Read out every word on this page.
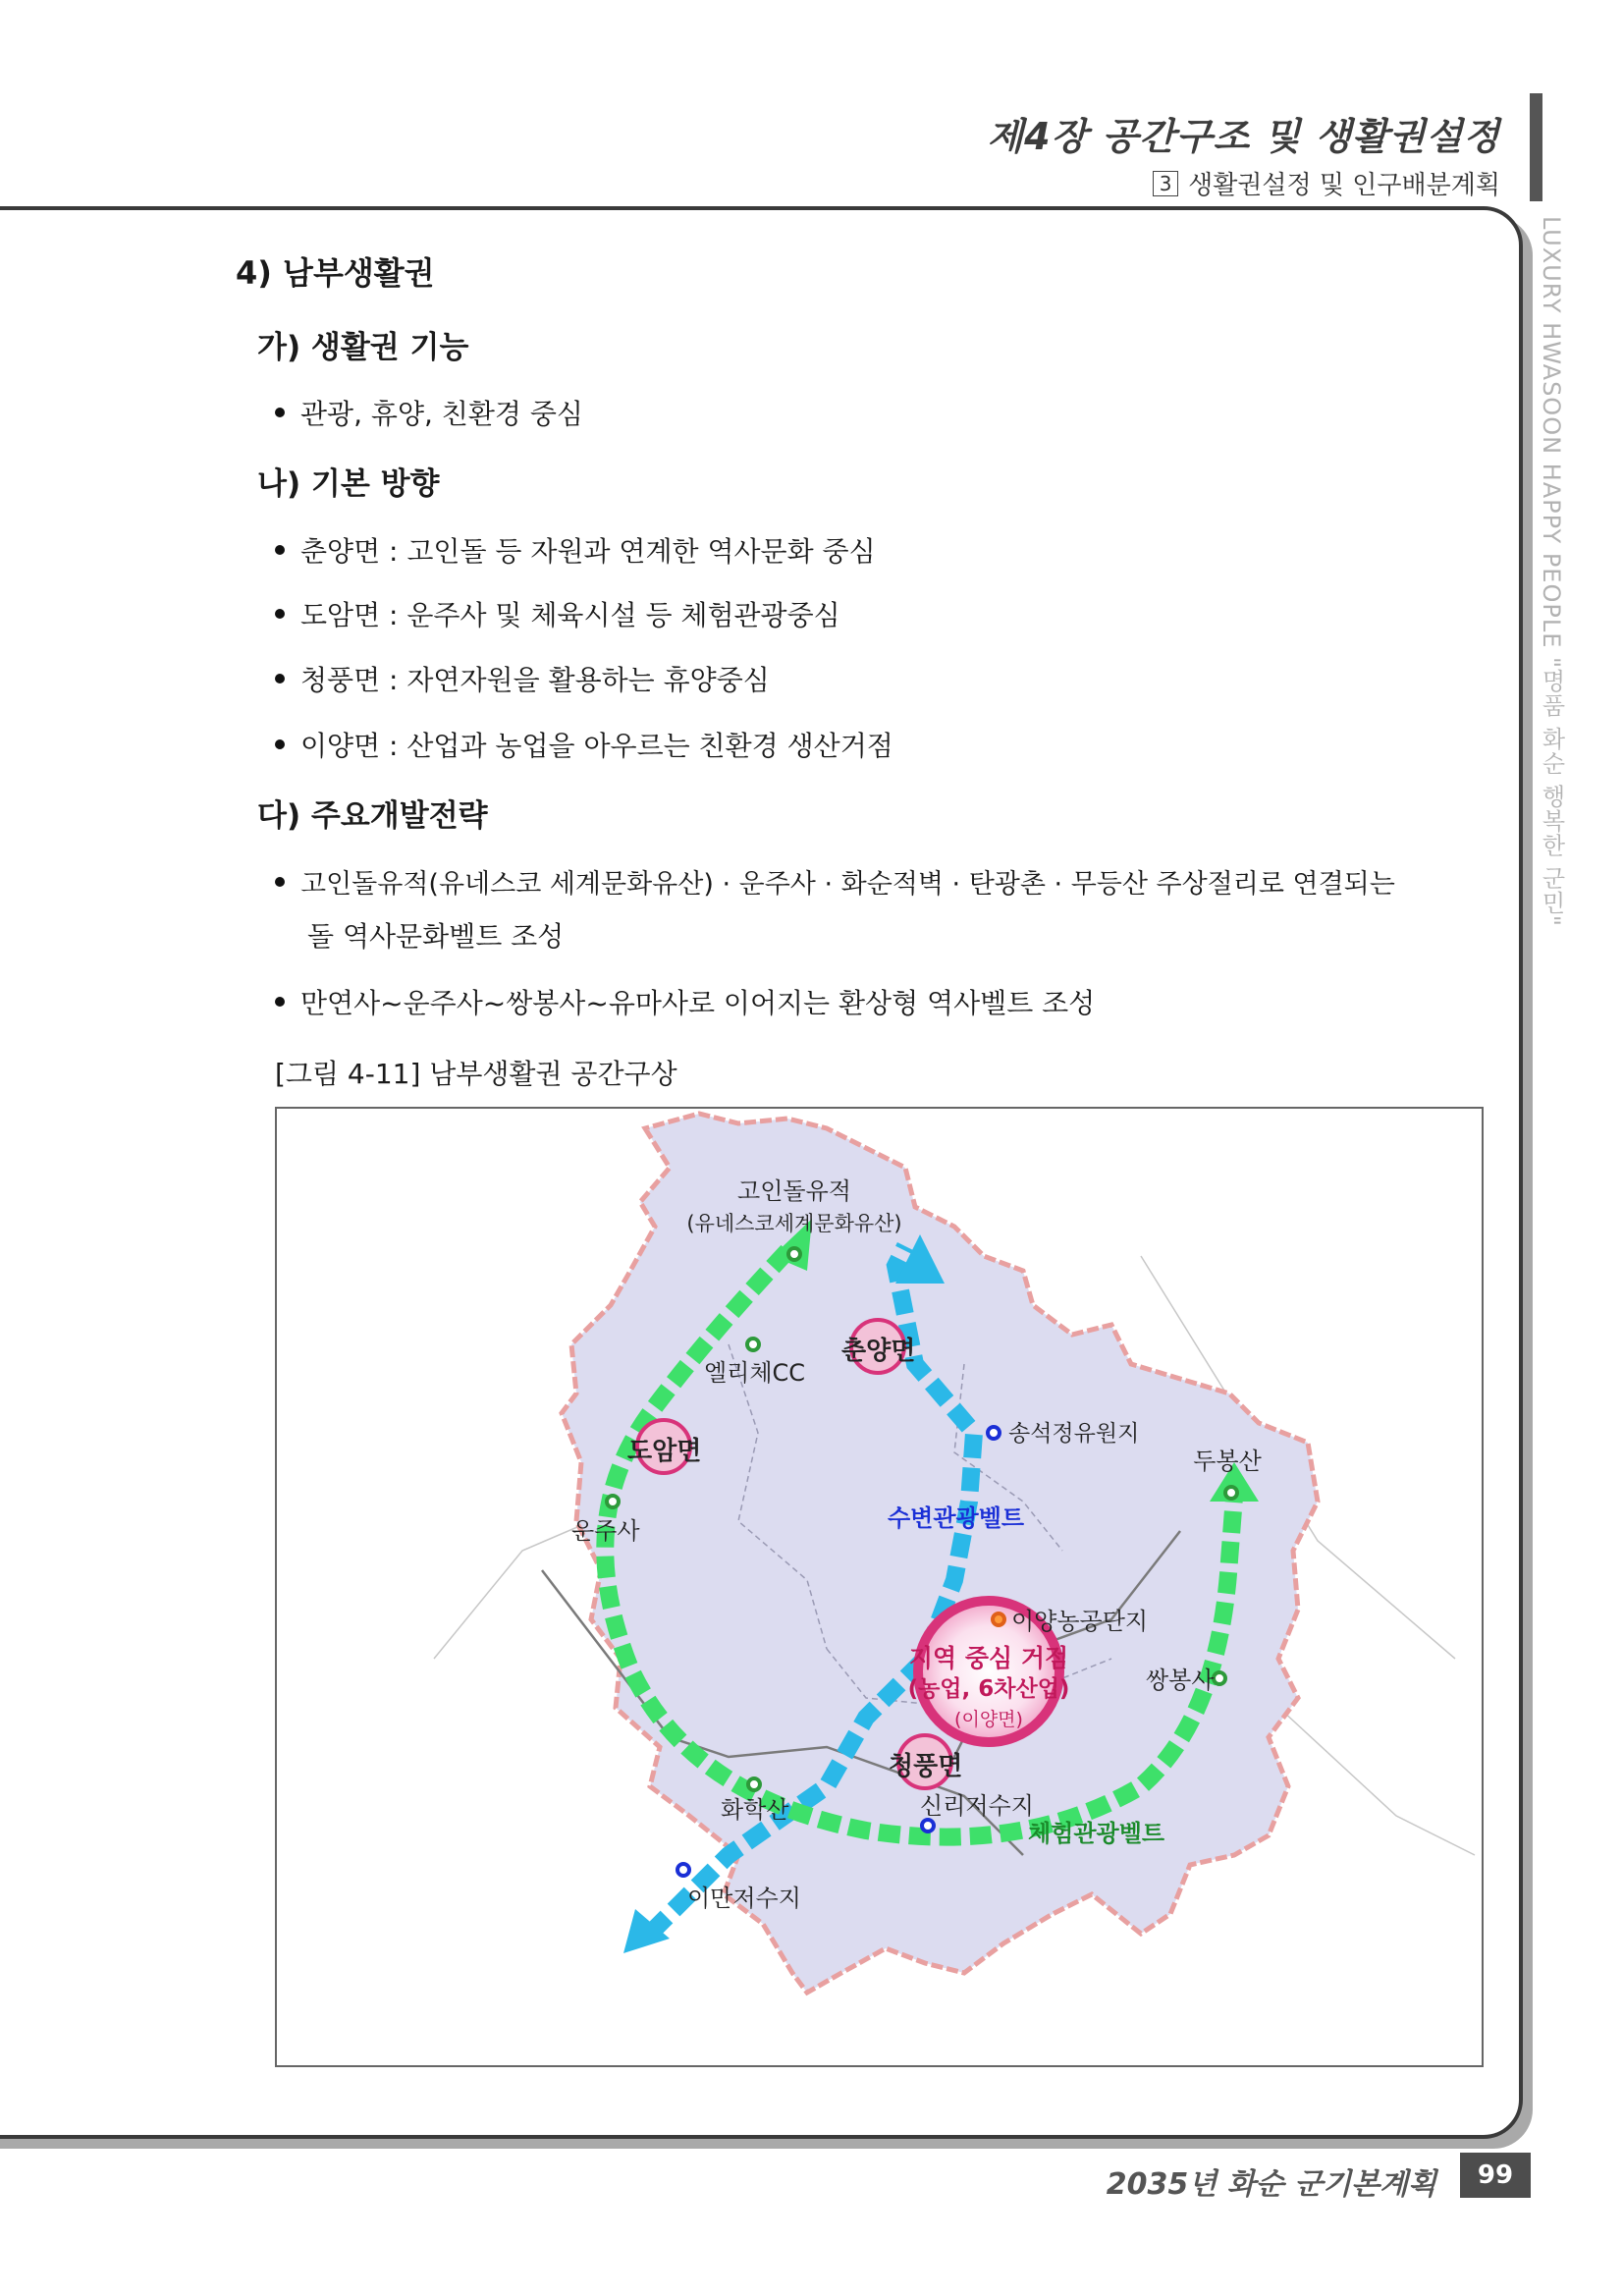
제4장 공간구조 및 생활권설정
3 생활권설정 및 인구배분계획
LUXURY HWASOON HAPPY PEOPLE "명품 화순 행복한 군민"
4) 남부생활권
가) 생활권 기능
관광, 휴양, 친환경 중심
나) 기본 방향
춘양면 : 고인돌 등 자원과 연계한 역사문화 중심
도암면 : 운주사 및 체육시설 등 체험관광중심
청풍면 : 자연자원을 활용하는 휴양중심
이양면 : 산업과 농업을 아우르는 친환경 생산거점
다) 주요개발전략
고인돌유적(유네스코 세계문화유산) · 운주사 · 화순적벽 · 탄광촌 · 무등산 주상절리로 연결되는
돌 역사문화벨트 조성
만연사~운주사~쌍봉사~유마사로 이어지는 환상형 역사벨트 조성
[그림 4-11] 남부생활권 공간구상
고인돌유적
(유네스코세계문화유산)
엘리체CC
춘양면
도암면
운주사
송석정유원지
두봉산
수변관광벨트
이양농공단지
지역 중심 거점
(농업, 6차산업)
(이양면)
쌍봉사
청풍면
화학산	신리저수지
체험관광벨트
이만저수지
2035년 화순 군기본계획	99
